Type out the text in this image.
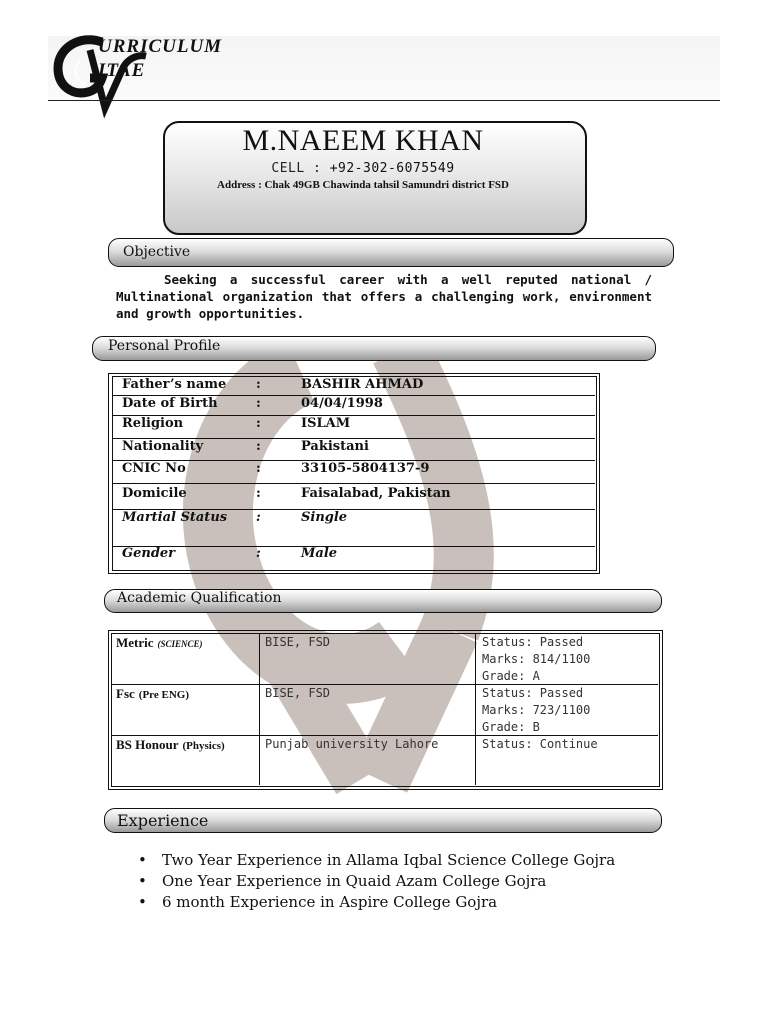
URRICULUM
ITAE
M.NAEEM KHAN
CELL : +92-302-6075549
Address : Chak 49GB Chawinda tahsil Samundri district FSD
Objective
Seeking a successful career with a well reputed national / Multinational organization that offers a challenging work, environment and growth opportunities.
Personal Profile
Father’s name :	BASHIR AHMAD
Date of Birth	:	04/04/1998
Religion	:	ISLAM
Nationality	:	Pakistani
CNIC No	:	33105-5804137-9
Domicile	:	Faisalabad, Pakistan
Martial Status :	Single
Gender	:	Male
Academic Qualification
Metric (SCIENCE)	BISE, FSD	Status: Passed
Marks: 814/1100
Grade: A
Fsc (Pre ENG)	BISE, FSD	Status: Passed
Marks: 723/1100
Grade: B
BS Honour (Physics)	Punjab university Lahore	Status: Continue
Experience
• Two Year Experience in Allama Iqbal Science College Gojra
• One Year Experience in Quaid Azam College Gojra
• 6 month Experience in Aspire College Gojra
